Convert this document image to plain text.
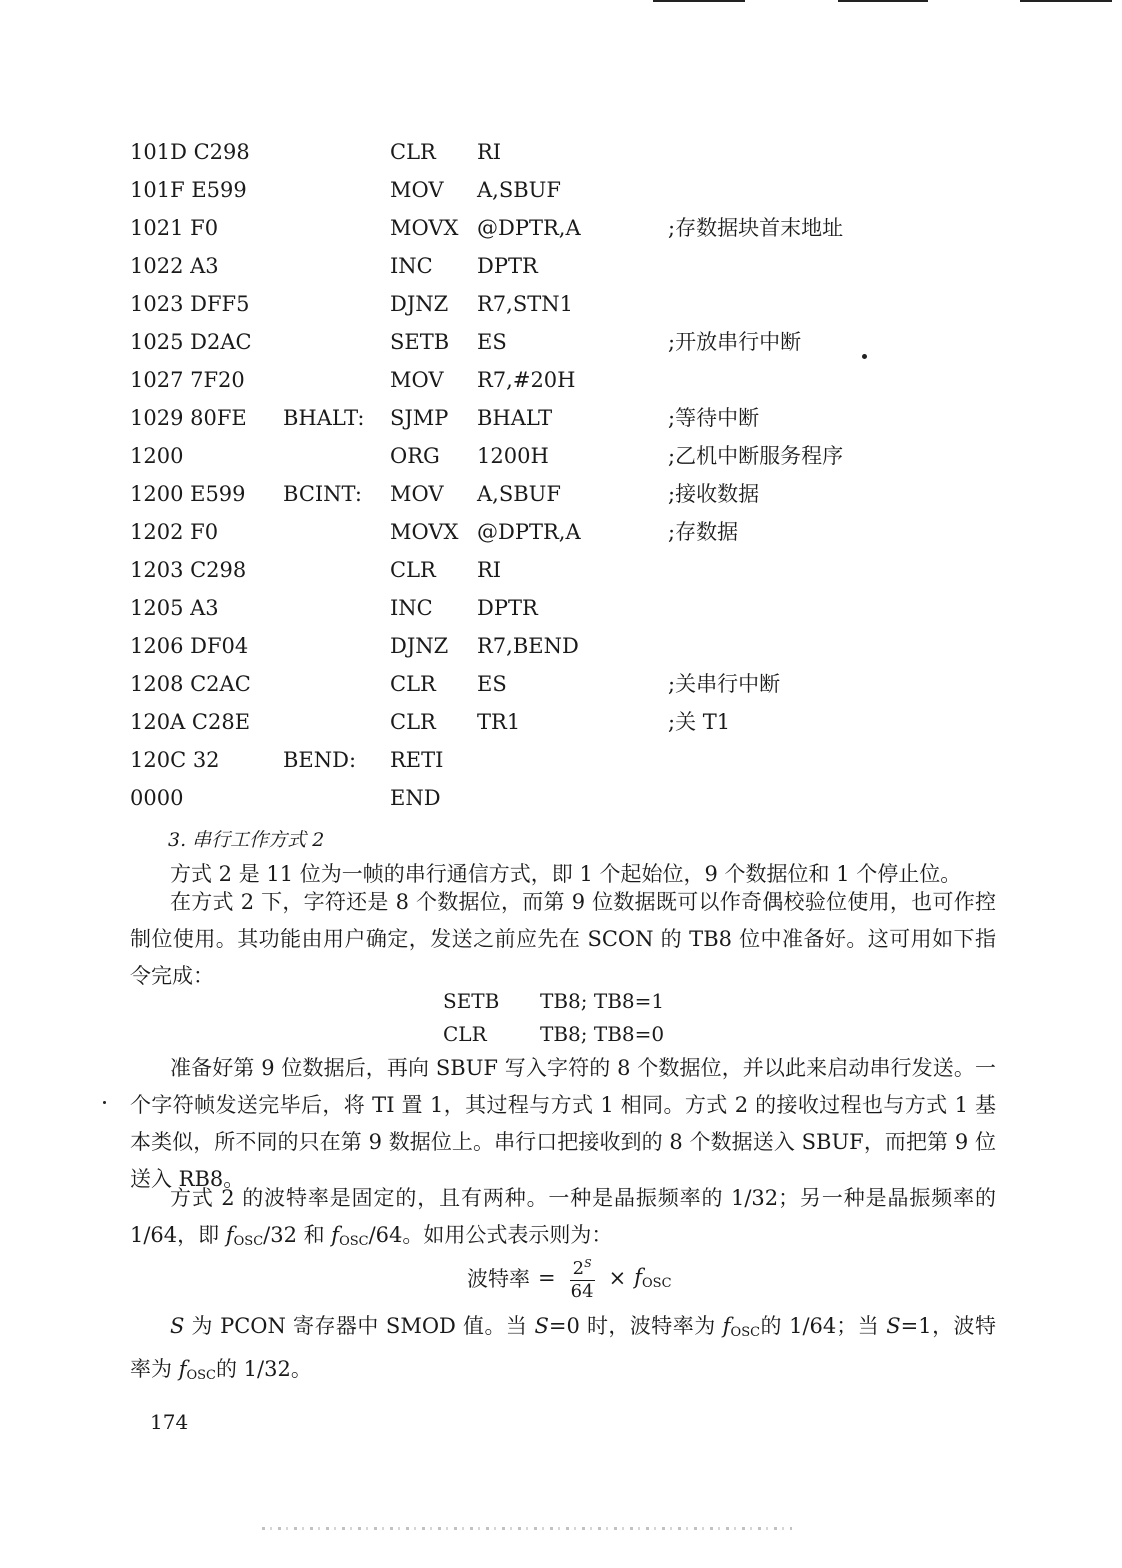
101D C298	CLR RI
101F E599	MOV A,SBUF
1021 F0	MOVX @DPTR,A	;存数据块首末地址
1022 A3	INC DPTR
1023 DFF5	DJNZ R7,STN1
1025 D2AC	SETB ES	;开放串行中断
1027 7F20	MOV R7,#20H
1029 80FE BHALT: SJMP BHALT	;等待中断
1200	ORG 1200H	;乙机中断服务程序
1200 E599 BCINT: MOV A,SBUF	;接收数据
1202 F0	MOVX @DPTR,A	;存数据
1203 C298	CLR RI
1205 A3	INC DPTR
1206 DF04	DJNZ R7,BEND
1208 C2AC	CLR ES	;关串行中断
120A C28E	CLR TR1	;关 T1
120C 32	BEND: RETI
0000	END
3. 串行工作方式 2
方式 2 是 11 位为一帧的串行通信方式，即 1 个起始位，9 个数据位和 1 个停止位。
在方式 2 下，字符还是 8 个数据位，而第 9 位数据既可以作奇偶校验位使用，也可作控制位使用。其功能由用户确定，发送之前应先在 SCON 的 TB8 位中准备好。这可用如下指令完成：
SETB TB8; TB8=1
CLR	TB8; TB8=0
准备好第 9 位数据后，再向 SBUF 写入字符的 8 个数据位，并以此来启动串行发送。一个字符帧发送完毕后，将 TI 置 1，其过程与方式 1 相同。方式 2 的接收过程也与方式 1 基本类似，所不同的只在第 9 数据位上。串行口把接收到的 8 个数据送入 SBUF，而把第 9 位送入 RB8。
方式 2 的波特率是固定的，且有两种。一种是晶振频率的 1/32；另一种是晶振频率的 1/64，即 $f_{OSC}/32$ 和 $f_{OSC}/64$。如用公式表示则为：
波特率 = $\frac{2^S}{64} \times f_{OSC}$
S 为 PCON 寄存器中 SMOD 值。当 S=0 时，波特率为 $f_{OSC}$的 1/64；当 S=1，波特率为 $f_{OSC}$的 1/32。
174
